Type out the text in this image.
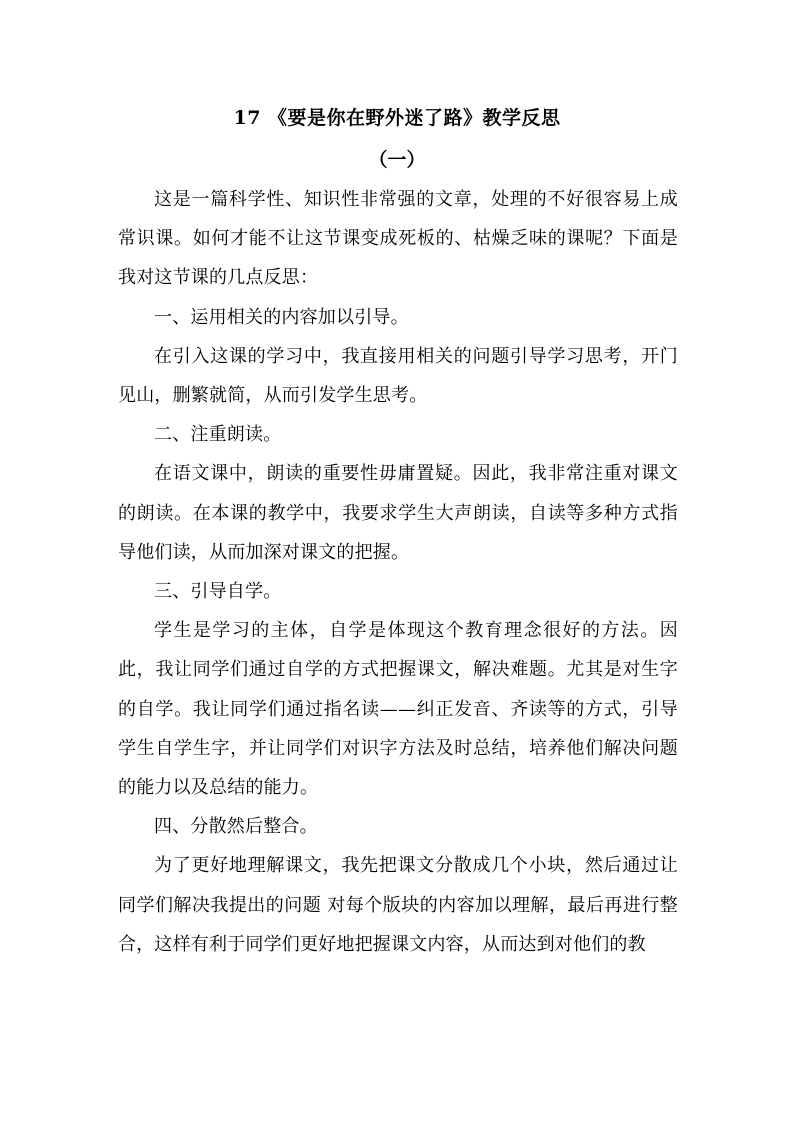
17 《要是你在野外迷了路》教学反思
（一）

这是一篇科学性、知识性非常强的文章，处理的不好很容易上成常识课。如何才能不让这节课变成死板的、枯燥乏味的课呢？下面是我对这节课的几点反思：

一、运用相关的内容加以引导。

在引入这课的学习中，我直接用相关的问题引导学习思考，开门见山，删繁就简，从而引发学生思考。

二、注重朗读。

在语文课中，朗读的重要性毋庸置疑。因此，我非常注重对课文的朗读。在本课的教学中，我要求学生大声朗读，自读等多种方式指导他们读，从而加深对课文的把握。

三、引导自学。

学生是学习的主体，自学是体现这个教育理念很好的方法。因此，我让同学们通过自学的方式把握课文，解决难题。尤其是对生字的自学。我让同学们通过指名读——纠正发音、齐读等的方式，引导学生自学生字，并让同学们对识字方法及时总结，培养他们解决问题的能力以及总结的能力。

四、分散然后整合。

为了更好地理解课文，我先把课文分散成几个小块，然后通过让同学们解决我提出的问题 对每个版块的内容加以理解，最后再进行整合，这样有利于同学们更好地把握课文内容，从而达到对他们的教
